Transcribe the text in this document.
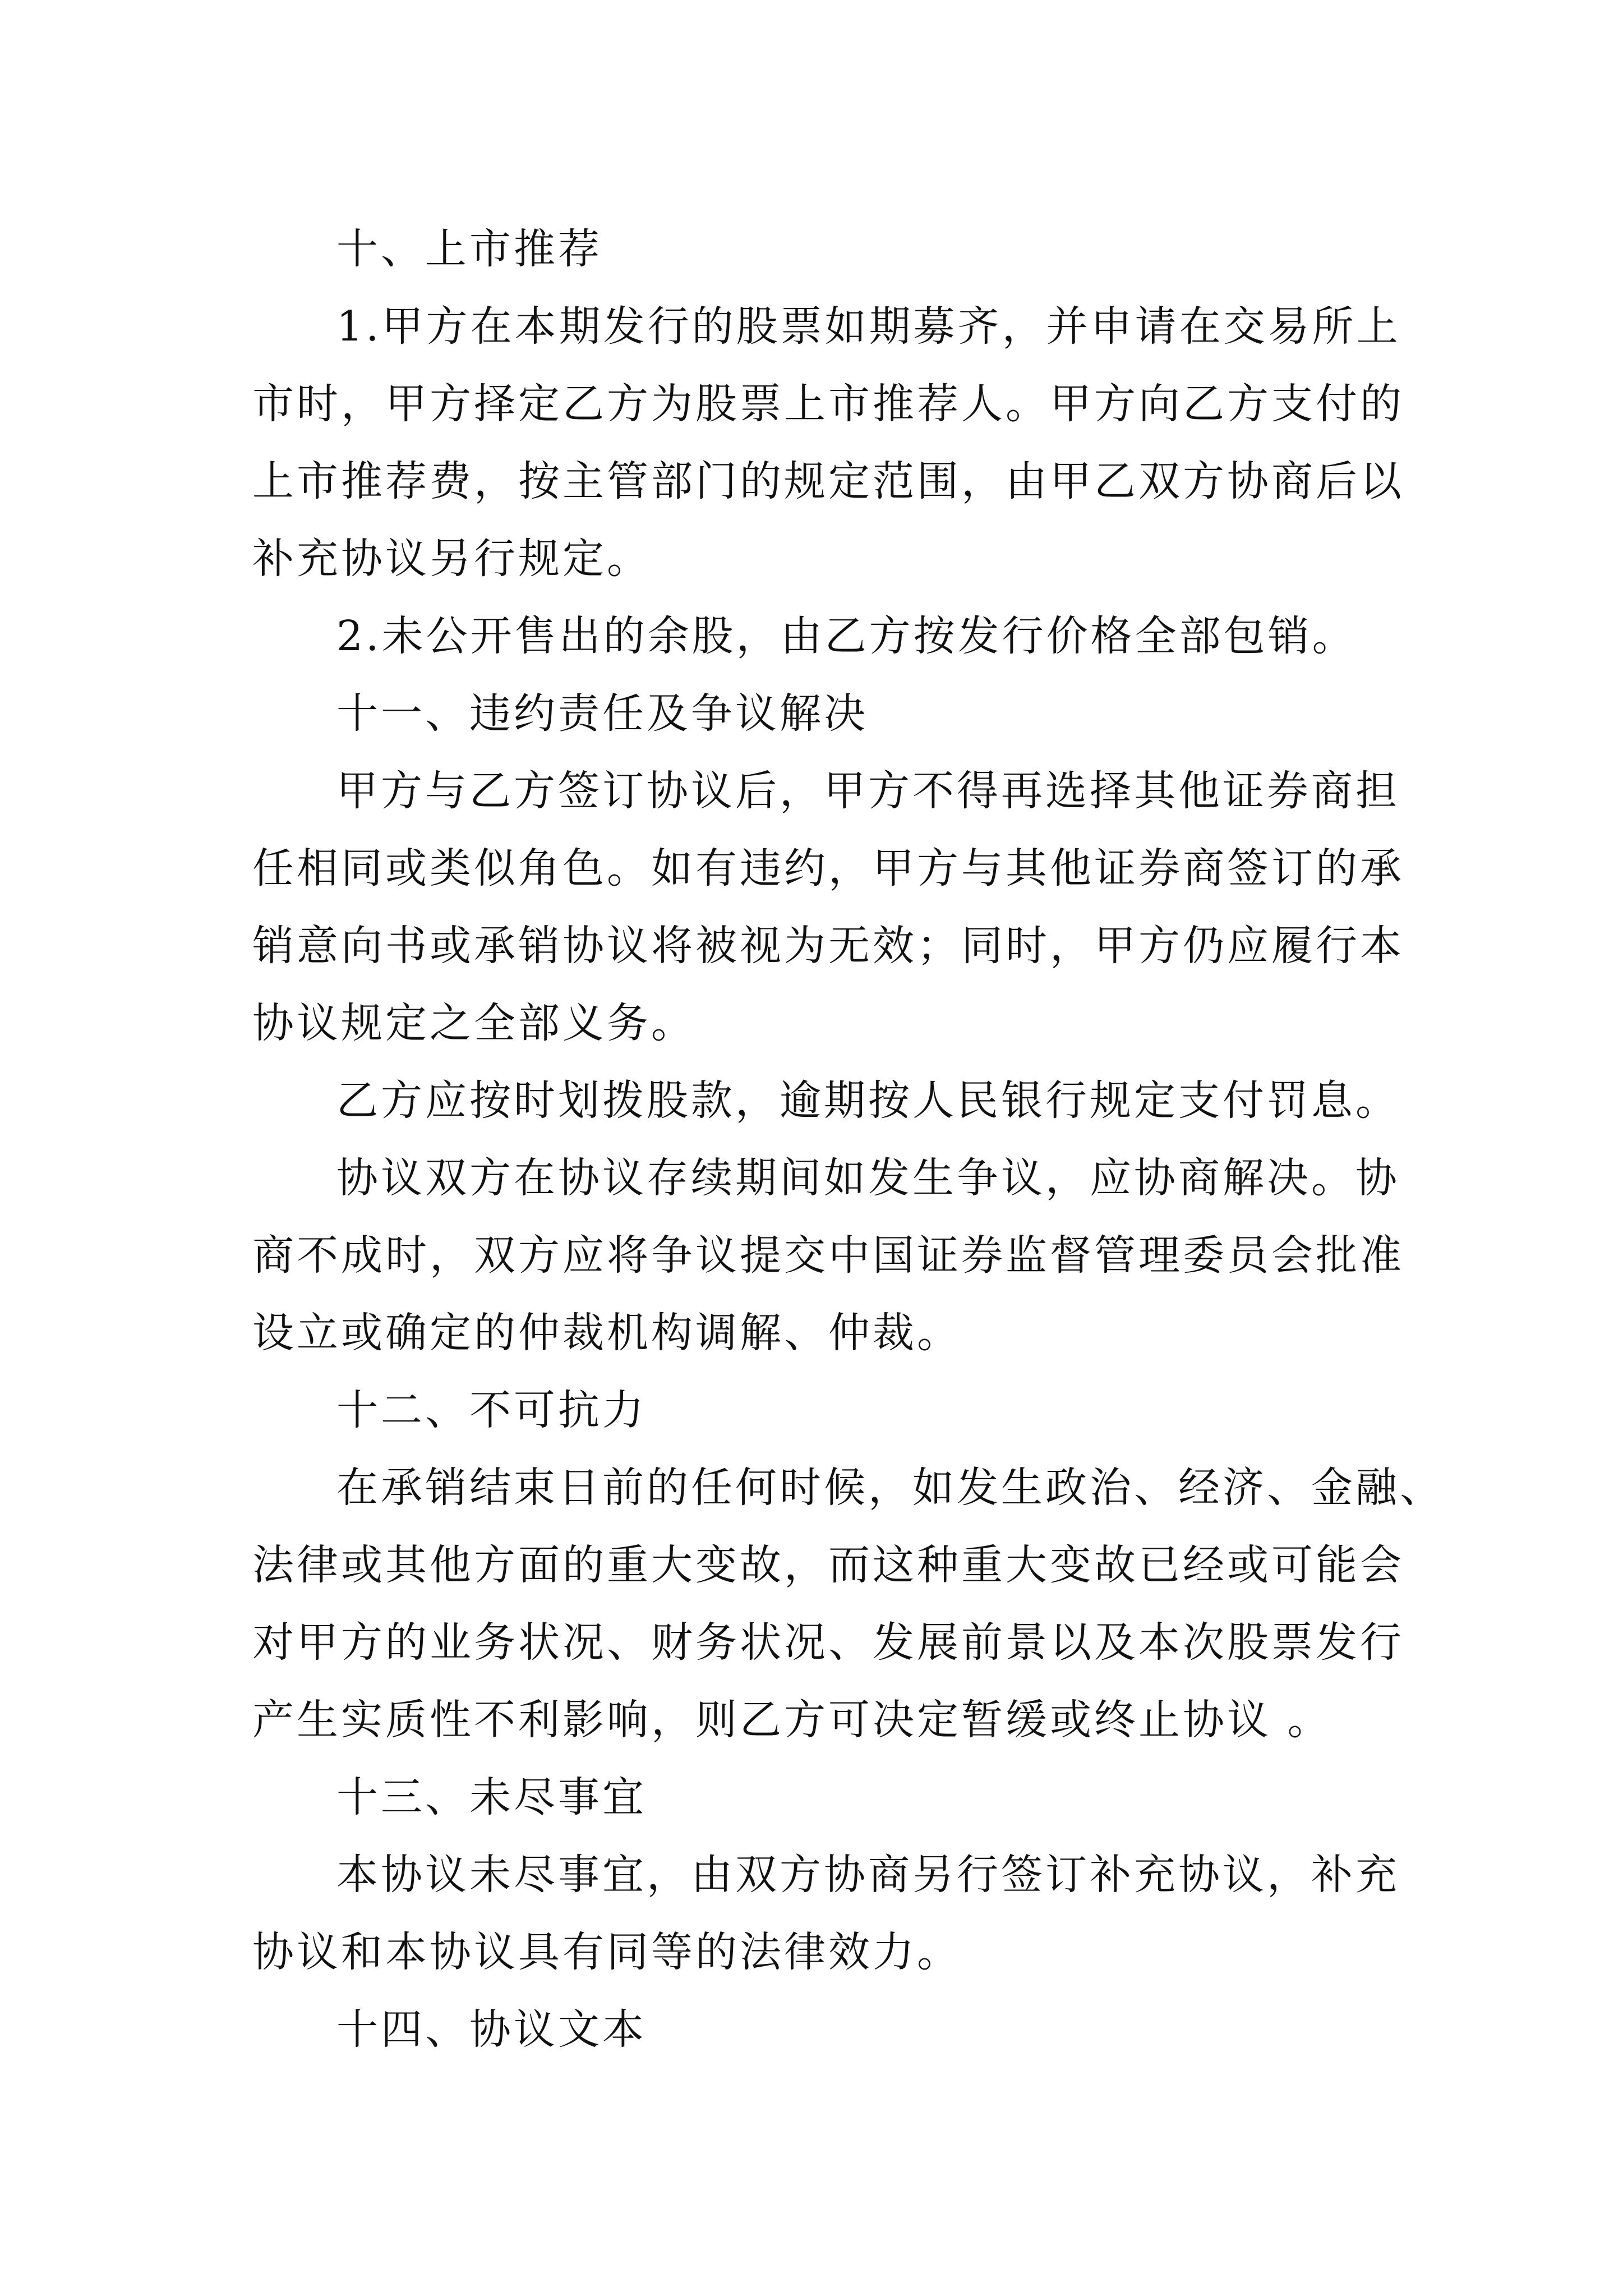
十、上市推荐
1.甲方在本期发行的股票如期募齐，并申请在交易所上
市时，甲方择定乙方为股票上市推荐人。甲方向乙方支付的
上市推荐费，按主管部门的规定范围，由甲乙双方协商后以
补充协议另行规定。
2.未公开售出的余股，由乙方按发行价格全部包销。
十一、违约责任及争议解决
甲方与乙方签订协议后，甲方不得再选择其他证券商担
任相同或类似角色。如有违约，甲方与其他证券商签订的承
销意向书或承销协议将被视为无效；同时，甲方仍应履行本
协议规定之全部义务。
乙方应按时划拨股款，逾期按人民银行规定支付罚息。
协议双方在协议存续期间如发生争议，应协商解决。协
商不成时，双方应将争议提交中国证券监督管理委员会批准
设立或确定的仲裁机构调解、仲裁。
十二、不可抗力
在承销结束日前的任何时候，如发生政治、经济、金融、
法律或其他方面的重大变故，而这种重大变故已经或可能会
对甲方的业务状况、财务状况、发展前景以及本次股票发行
产生实质性不利影响，则乙方可决定暂缓或终止协议 。
十三、未尽事宜
本协议未尽事宜，由双方协商另行签订补充协议，补充
协议和本协议具有同等的法律效力。
十四、协议文本
